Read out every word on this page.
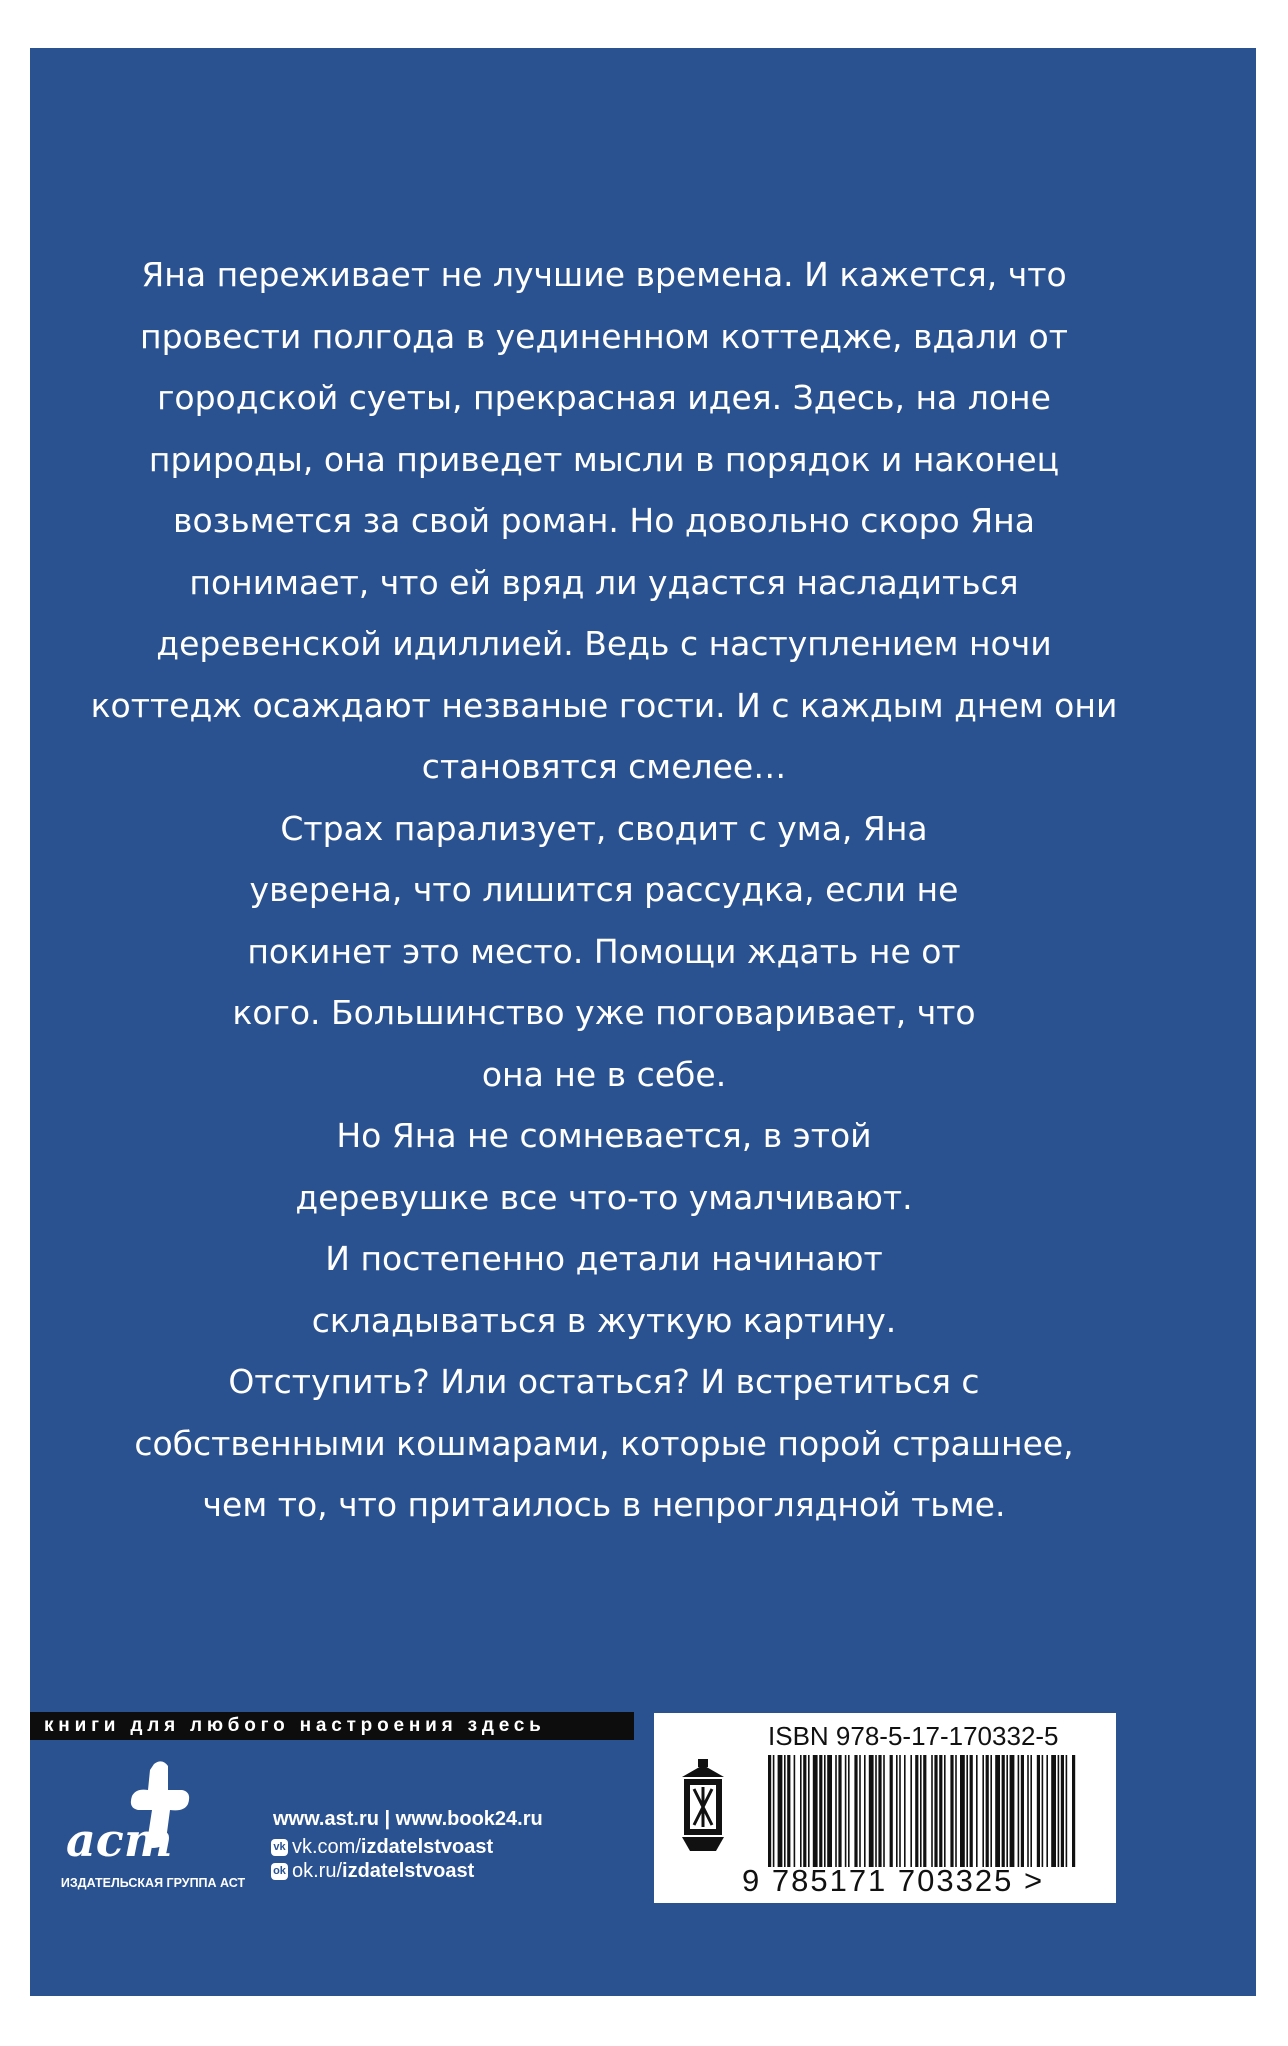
Яна переживает не лучшие времена. И кажется, что провести полгода в уединенном коттедже, вдали от городской суеты, прекрасная идея. Здесь, на лоне природы, она приведет мысли в порядок и наконец возьмется за свой роман. Но довольно скоро Яна понимает, что ей вряд ли удастся насладиться деревенской идиллией. Ведь с наступлением ночи коттедж осаждают незваные гости. И с каждым днем они становятся смелее…

Страх парализует, сводит с ума, Яна уверена, что лишится рассудка, если не покинет это место. Помощи ждать не от кого. Большинство уже поговаривает, что она не в себе.

Но Яна не сомневается, в этой деревушке все что-то умалчивают.

И постепенно детали начинают складываться в жуткую картину.

Отступить? Или остаться? И встретиться с собственными кошмарами, которые порой страшнее, чем то, что притаилось в непроглядной тьме.

книги для любого настроения здесь
аст
ИЗДАТЕЛЬСКАЯ ГРУППА АСТ
www.ast.ru | www.book24.ru
vk vk.com/ izdatelstvoast
ok ok.ru/ izdatelstvoast
ISBN 978-5-17-170332-5
9 785171 703325 >
